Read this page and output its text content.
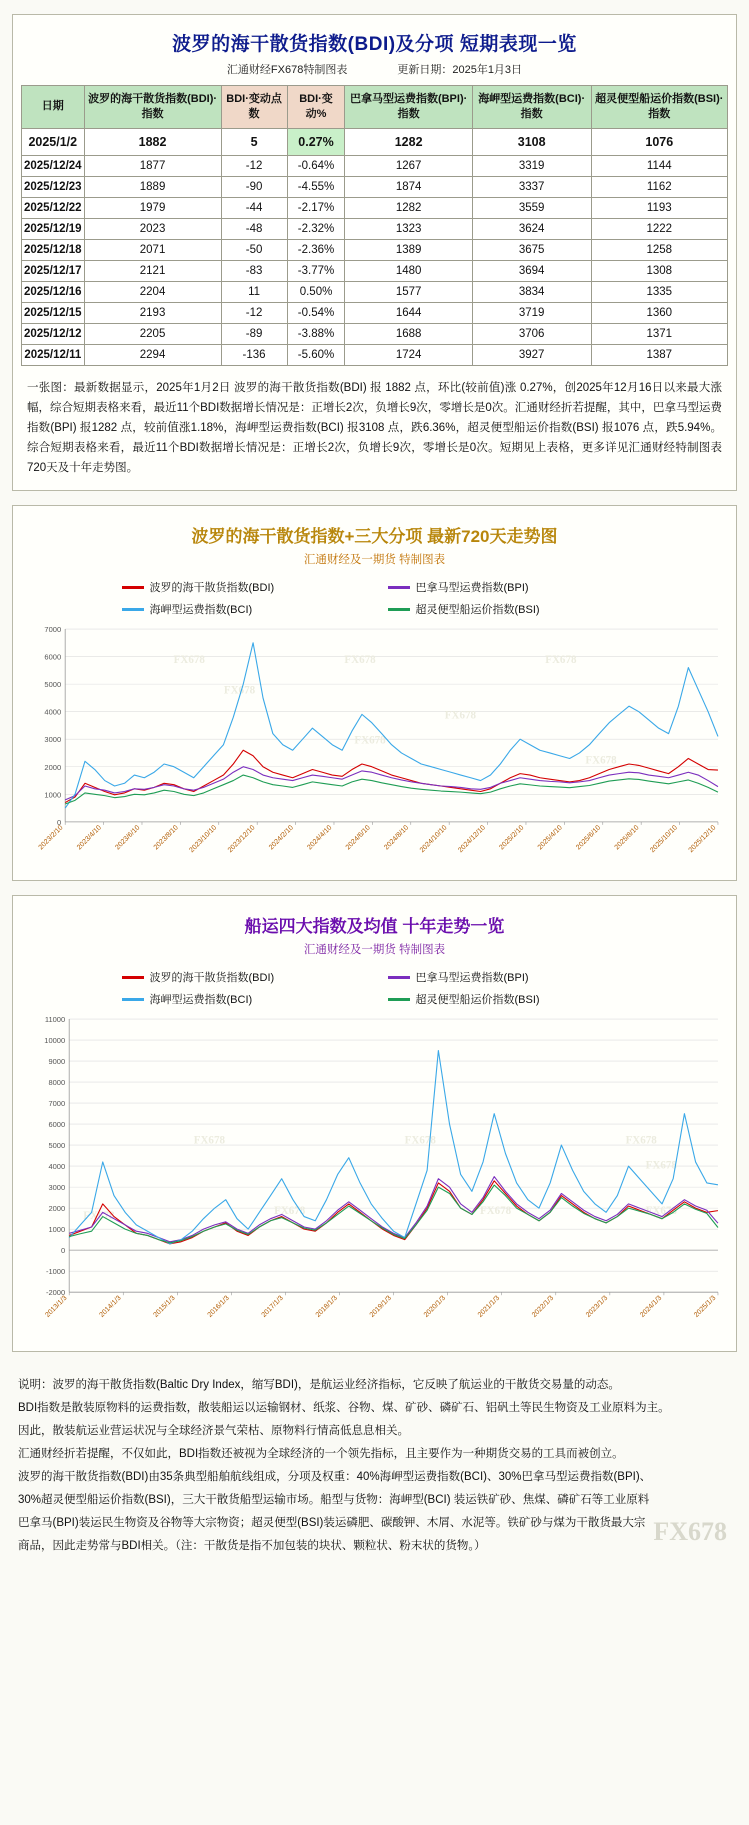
波罗的海干散货指数(BDI)及分项 短期表现一览
汇通财经FX678特制图表	更新日期：2025年1月3日
日期	波罗的海干散货指数(BDI)·指数	BDI·变动点数	BDI·变动%	巴拿马型运费指数(BPI)·指数	海岬型运费指数(BCI)·指数	超灵便型船运价指数(BSI)·指数
2025/1/2	1882	5	0.27%	1282	3108	1076
2025/12/24	1877	-12	-0.64%	1267	3319	1144
2025/12/23	1889	-90	-4.55%	1874	3337	1162
2025/12/22	1979	-44	-2.17%	1282	3559	1193
2025/12/19	2023	-48	-2.32%	1323	3624	1222
2025/12/18	2071	-50	-2.36%	1389	3675	1258
2025/12/17	2121	-83	-3.77%	1480	3694	1308
2025/12/16	2204	11	0.50%	1577	3834	1335
2025/12/15	2193	-12	-0.54%	1644	3719	1360
2025/12/12	2205	-89	-3.88%	1688	3706	1371
2025/12/11	2294	-136	-5.60%	1724	3927	1387
一张图：最新数据显示，2025年1月2日 波罗的海干散货指数(BDI) 报 1882 点，环比(较前值)涨 0.27%，创2025年12月16日以来最大涨幅，综合短期表格来看，最近11个BDI数据增长情况是：正增长2次，负增长9次，零增长是0次。汇通财经折若提醒，其中，巴拿马型运费指数(BPI) 报1282 点，较前值涨1.18%，海岬型运费指数(BCI) 报3108 点，跌6.36%，超灵便型船运价指数(BSI) 报1076 点，跌5.94%。综合短期表格来看，最近11个BDI数据增长情况是：正增长2次，负增长9次，零增长是0次。短期见上表格，更多详见汇通财经特制图表720天及十年走势图。
波罗的海干散货指数+三大分项 最新720天走势图
汇通财经及一期货 特制图表
波罗的海干散货指数(BDI)	巴拿马型运费指数(BPI)
海岬型运费指数(BCI)	超灵便型船运价指数(BSI)
0
1000
2000
3000
4000
5000
6000
7000
2023/2/10 2023/4/10 2023/6/10 2023/8/10 2023/10/10 2023/12/10 2024/2/10 2024/4/10 2024/6/10 2024/8/10 2024/10/10 2024/12/10 2025/2/10 2025/4/10 2025/6/10 2025/8/10 2025/10/10 2025/12/10
FX678	FX678	FX678
FX678
FX678
FX678
FX678
船运四大指数及均值 十年走势一览
汇通财经及一期货 特制图表
波罗的海干散货指数(BDI)	巴拿马型运费指数(BPI)
海岬型运费指数(BCI)	超灵便型船运价指数(BSI)
-2000
-1000
0
1000
2000
3000
4000
5000
6000
7000
8000
9000
10000
11000
2013/1/3	2014/1/3	2015/1/3	2016/1/3	2017/1/3	2018/1/3	2019/1/3	2020/1/3	2021/1/3	2022/1/3	2023/1/3	2024/1/3	2025/1/3
FX678	FX678	FX678
FX678	FX678	FX678	FX678
FX678

说明：波罗的海干散货指数(Baltic Dry Index，缩写BDI)，是航运业经济指标，它反映了航运业的干散货交易量的动态。

BDI指数是散装原物料的运费指数，散装船运以运输钢材、纸浆、谷物、煤、矿砂、磷矿石、铝矾土等民生物资及工业原料为主。

因此，散装航运业营运状况与全球经济景气荣枯、原物料行情高低息息相关。

汇通财经折若提醒，不仅如此，BDI指数还被视为全球经济的一个领先指标，且主要作为一种期货交易的工具而被创立。

波罗的海干散货指数(BDI)由35条典型船舶航线组成，分项及权重：40%海岬型运费指数(BCI)、30%巴拿马型运费指数(BPI)、

30%超灵便型船运价指数(BSI)，三大干散货船型运输市场。船型与货物：海岬型(BCI) 装运铁矿砂、焦煤、磷矿石等工业原料

巴拿马(BPI)装运民生物资及谷物等大宗物资；超灵便型(BSI)装运磷肥、碳酸钾、木屑、水泥等。铁矿砂与煤为干散货最大宗

商品，因此走势常与BDI相关。（注：干散货是指不加包装的块状、颗粒状、粉末状的货物。）	FX678
